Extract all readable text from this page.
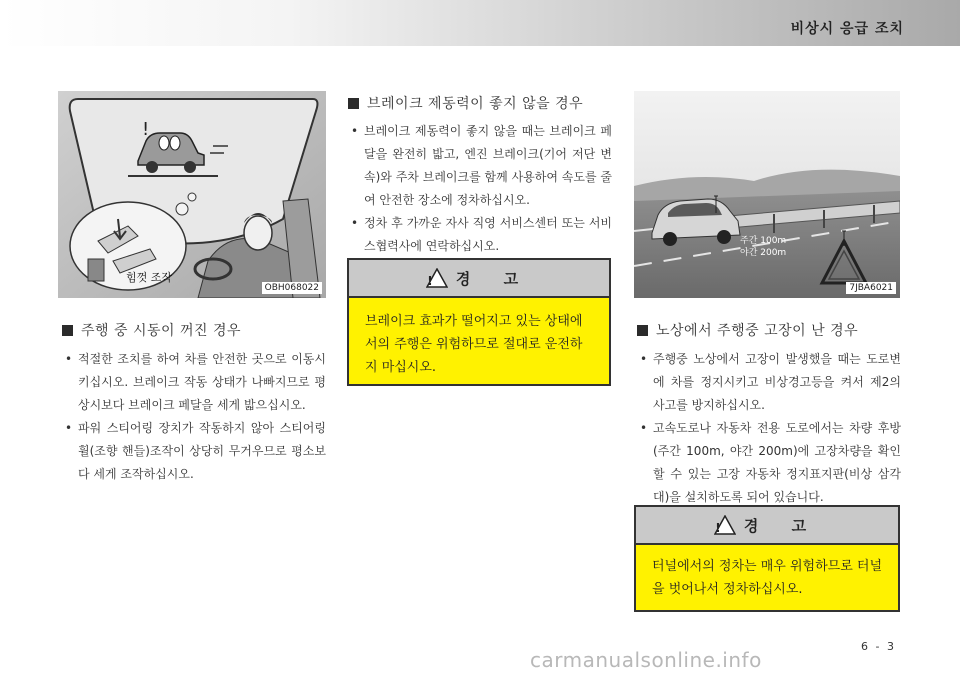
비상시 응급 조치
!
힘껏 조작
OBH068022
주행 중 시동이 꺼진 경우
• 적절한 조치를 하여 차를 안전한 곳으로 이동시키십시오. 브레이크 작동 상태가 나빠지므로 평상시보다 브레이크 페달을 세게 밟으십시오.
• 파워 스티어링 장치가 작동하지 않아 스티어링 휠(조향 핸들)조작이 상당히 무거우므로 평소보다 세게 조작하십시오.
브레이크 제동력이 좋지 않을 경우
• 브레이크 제동력이 좋지 않을 때는 브레이크 페달을 완전히 밟고, 엔진 브레이크(기어 저단 변속)와 주차 브레이크를 함께 사용하여 속도를 줄여 안전한 장소에 정차하십시오.
• 정차 후 가까운 자사 직영 서비스센터 또는 서비스협력사에 연락하십시오.
! 경 고
브레이크 효과가 떨어지고 있는 상태에서의 주행은 위험하므로 절대로 운전하지 마십시오.
주간 100m
야간 200m
7JBA6021
노상에서 주행중 고장이 난 경우
• 주행중 노상에서 고장이 발생했을 때는 도로변에 차를 정지시키고 비상경고등을 켜서 제2의 사고를 방지하십시오.
• 고속도로나 자동차 전용 도로에서는 차량 후방(주간 100m, 야간 200m)에 고장차량을 확인할 수 있는 고장 자동차 정지표지판(비상 삼각대)을 설치하도록 되어 있습니다.
! 경 고
터널에서의 정차는 매우 위험하므로 터널을 벗어나서 정차하십시오.
6 - 3
carmanualsonline.info
